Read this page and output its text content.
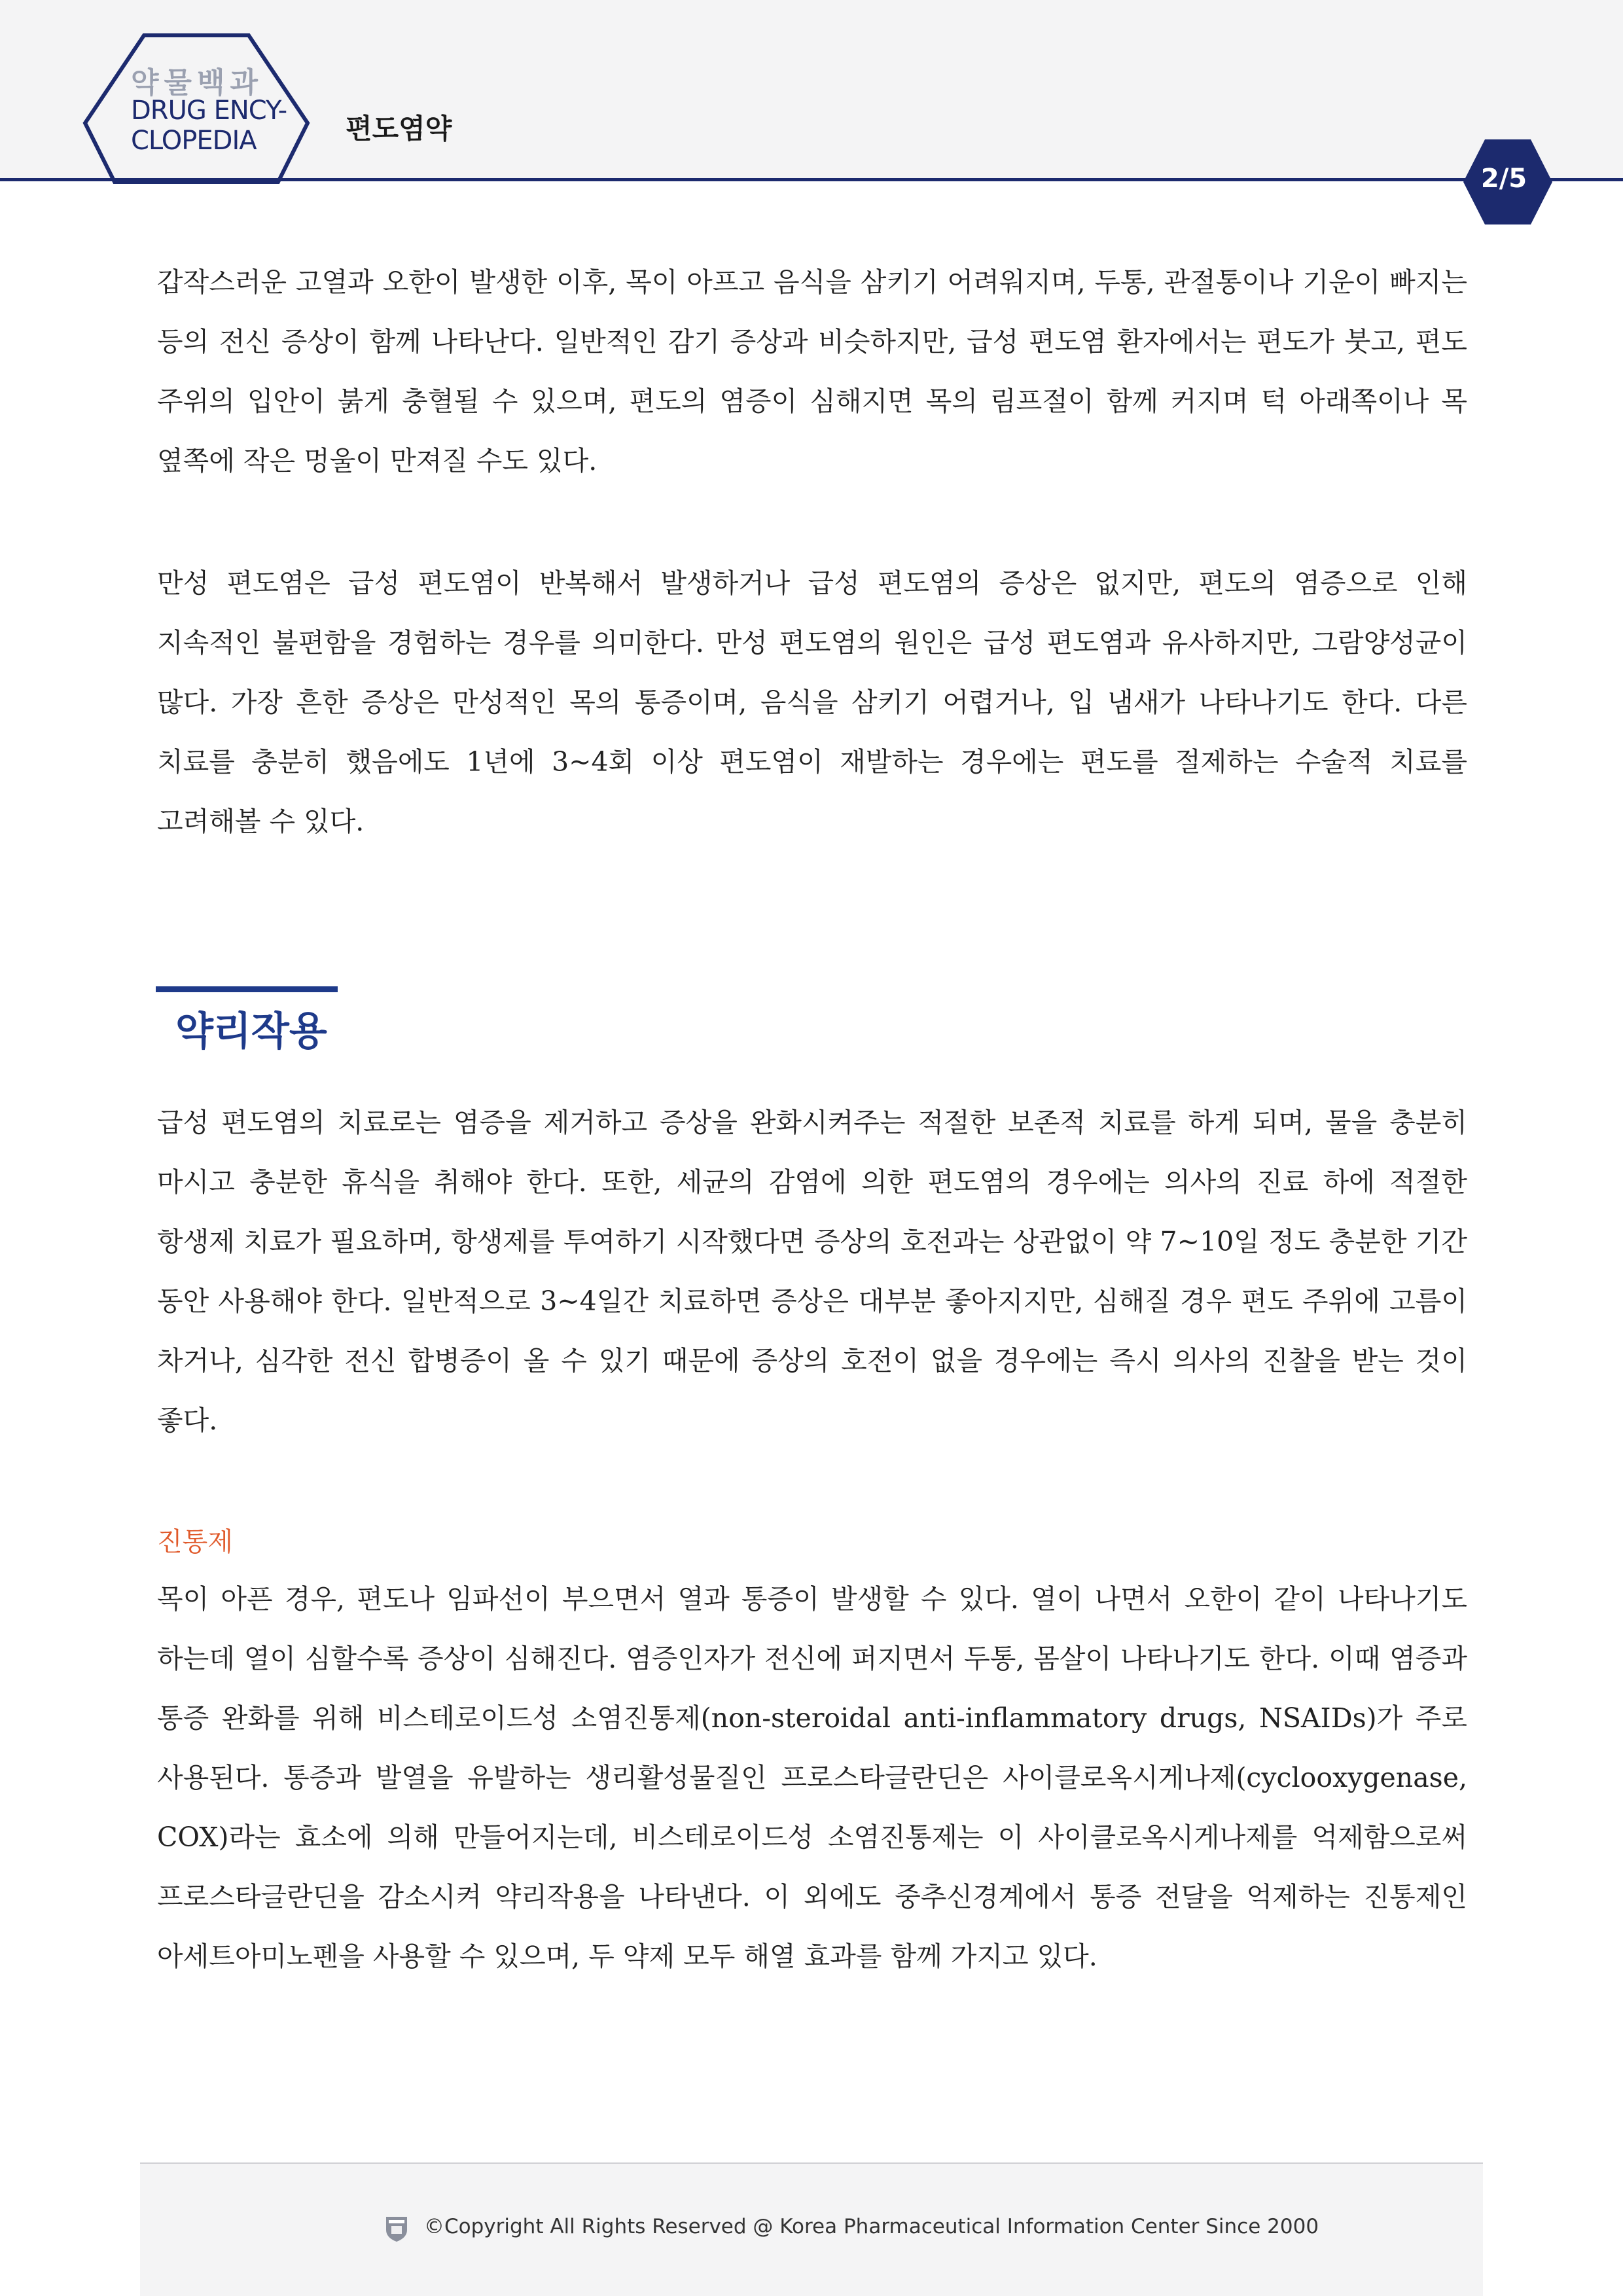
약물백과
DRUG ENCY-
CLOPEDIA	편도염약
2/5

갑작스러운 고열과 오한이 발생한 이후, 목이 아프고 음식을 삼키기 어려워지며, 두통, 관절통이나 기운이 빠지는 등의 전신 증상이 함께 나타난다. 일반적인 감기 증상과 비슷하지만, 급성 편도염 환자에서는 편도가 붓고, 편도 주위의 입안이 붉게 충혈될 수 있으며, 편도의 염증이 심해지면 목의 림프절이 함께 커지며 턱 아래쪽이나 목 옆쪽에 작은 멍울이 만져질 수도 있다.

만성 편도염은 급성 편도염이 반복해서 발생하거나 급성 편도염의 증상은 없지만, 편도의 염증으로 인해 지속적인 불편함을 경험하는 경우를 의미한다. 만성 편도염의 원인은 급성 편도염과 유사하지만, 그람양성균이 많다. 가장 흔한 증상은 만성적인 목의 통증이며, 음식을 삼키기 어렵거나, 입 냄새가 나타나기도 한다. 다른 치료를 충분히 했음에도 1년에 3~4회 이상 편도염이 재발하는 경우에는 편도를 절제하는 수술적 치료를 고려해볼 수 있다.

약리작용

급성 편도염의 치료로는 염증을 제거하고 증상을 완화시켜주는 적절한 보존적 치료를 하게 되며, 물을 충분히 마시고 충분한 휴식을 취해야 한다. 또한, 세균의 감염에 의한 편도염의 경우에는 의사의 진료 하에 적절한 항생제 치료가 필요하며, 항생제를 투여하기 시작했다면 증상의 호전과는 상관없이 약 7~10일 정도 충분한 기간 동안 사용해야 한다. 일반적으로 3~4일간 치료하면 증상은 대부분 좋아지지만, 심해질 경우 편도 주위에 고름이 차거나, 심각한 전신 합병증이 올 수 있기 때문에 증상의 호전이 없을 경우에는 즉시 의사의 진찰을 받는 것이 좋다.

진통제

목이 아픈 경우, 편도나 임파선이 부으면서 열과 통증이 발생할 수 있다. 열이 나면서 오한이 같이 나타나기도 하는데 열이 심할수록 증상이 심해진다. 염증인자가 전신에 퍼지면서 두통, 몸살이 나타나기도 한다. 이때 염증과 통증 완화를 위해 비스테로이드성 소염진통제(non-steroidal anti-inflammatory drugs, NSAIDs)가 주로 사용된다. 통증과 발열을 유발하는 생리활성물질인 프로스타글란딘은 사이클로옥시게나제(cyclooxygenase, COX)라는 효소에 의해 만들어지는데, 비스테로이드성 소염진통제는 이 사이클로옥시게나제를 억제함으로써 프로스타글란딘을 감소시켜 약리작용을 나타낸다. 이 외에도 중추신경계에서 통증 전달을 억제하는 진통제인 아세트아미노펜을 사용할 수 있으며, 두 약제 모두 해열 효과를 함께 가지고 있다.

©Copyright All Rights Reserved @ Korea Pharmaceutical Information Center Since 2000
